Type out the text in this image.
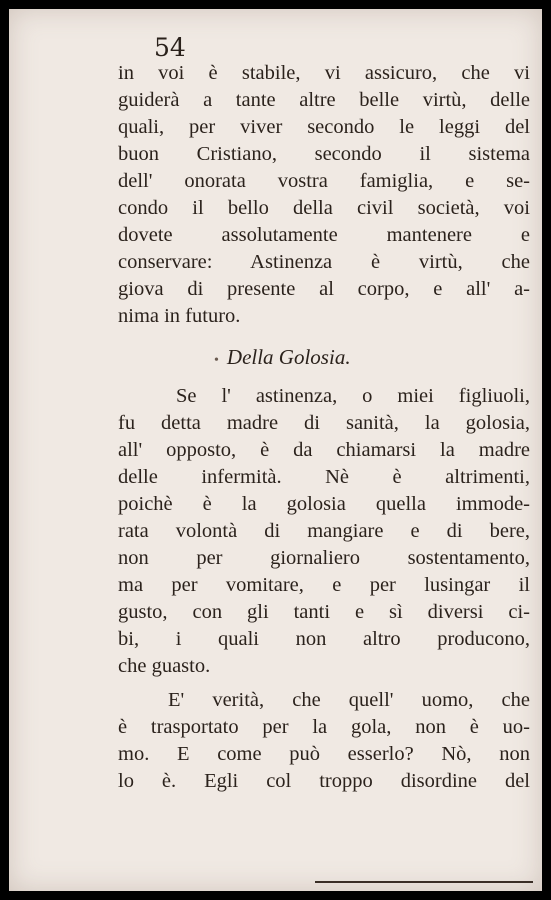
54
in voi è stabile, vi assicuro, che vi
guiderà a tante altre belle virtù, delle
quali, per viver secondo le leggi del
buon Cristiano, secondo il sistema
dell' onorata vostra famiglia, e se-
condo il bello della civil società, voi
dovete assolutamente mantenere e
conservare: Astinenza è virtù, che
giova di presente al corpo, e all' a-
nima in futuro.
• Della Golosia.
Se l' astinenza, o miei figliuoli,
fu detta madre di sanità, la golosia,
all' opposto, è da chiamarsi la madre
delle infermità. Nè è altrimenti,
poichè è la golosia quella immode-
rata volontà di mangiare e di bere,
non per giornaliero sostentamento,
ma per vomitare, e per lusingar il
gusto, con gli tanti e sì diversi ci-
bi, i quali non altro producono,
che guasto.
E' verità, che quell' uomo, che
è trasportato per la gola, non è uo-
mo. E come può esserlo? Nò, non
lo è. Egli col troppo disordine del
